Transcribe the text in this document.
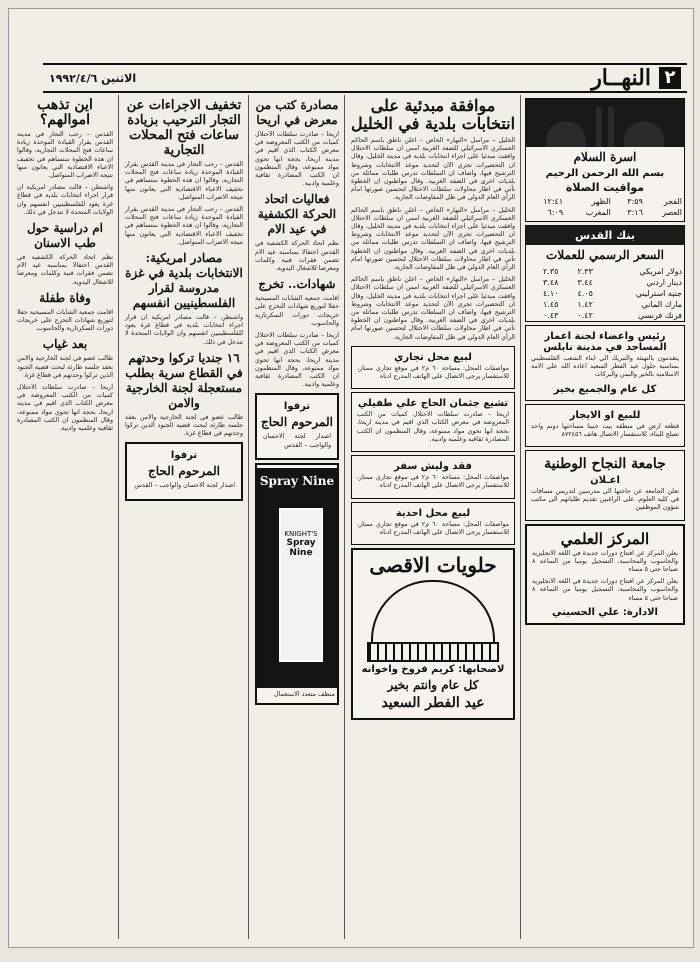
٢
النهــار
الاثنين ١٩٩٢/٤/٦
اسرة السلام
بسم الله الرحمن الرحيم
مواقيت الصلاة
الفجر	٣:٥٩	الظهر	١٢:٤١
العصر	٣:١٦	المغرب	٦:٠٩
بنك القدس
السعر الرسمي للعملات
دولار امريكي	٢.٣٣	٢.٣٥
دينار اردني	٣.٤٤	٣.٤٨
جنيه استرليني	٤.٠٥	٤.١٠
مارك الماني	١.٤٢	١.٤٥
فرنك فرنسي	٠.٤٢	٠.٤٣
رئيس واعضاء لجنة اعمار المساجد في مدينة نابلس
يتقدمون بالتهنئة والتبريك الى ابناء الشعب الفلسطيني بمناسبة حلول عيد الفطر السعيد اعاده الله على الامة الاسلامية بالخير واليمن والبركات
كل عام والجميع بخير
للبيع او الايجار
قطعة ارض في منطقة بيت حنينا مساحتها دونم واحد تصلح للبناء، للاستفسار الاتصال هاتف ٨٧٢٤٥٦
جامعة النجاح الوطنية
اعـلان
تعلن الجامعة عن حاجتها الى مدرسين لتدريس مساقات في كلية العلوم، على الراغبين تقديم طلباتهم الى مكتب شؤون الموظفين
المركز العلمي
يعلن المركز عن افتتاح دورات جديدة في اللغة الانجليزية والحاسوب والمحاسبة، التسجيل يوميا من الساعة ٨ صباحا حتى ٥ مساء
يعلن المركز عن افتتاح دورات جديدة في اللغة الانجليزية والحاسوب والمحاسبة، التسجيل يوميا من الساعة ٨ صباحا حتى ٥ مساء
الادارة: علي الحسيني
موافقة مبدئية على انتخابات بلدية في الخليل
الخليل – مراسل «النهار» الخاص – اعلن ناطق باسم الحاكم العسكري الاسرائيلي للضفة الغربية امس ان سلطات الاحتلال وافقت مبدئيا على اجراء انتخابات بلدية في مدينة الخليل، وقال ان التحضيرات تجري الآن لتحديد موعد الانتخابات وشروط الترشيح فيها، واضاف ان السلطات تدرس طلبات مماثلة من بلديات اخرى في الضفة الغربية. وقال مواطنون ان الخطوة تأتي في اطار محاولات سلطات الاحتلال لتحسين صورتها امام الرأي العام الدولي في ظل المفاوضات الجارية.
الخليل – مراسل «النهار» الخاص – اعلن ناطق باسم الحاكم العسكري الاسرائيلي للضفة الغربية امس ان سلطات الاحتلال وافقت مبدئيا على اجراء انتخابات بلدية في مدينة الخليل، وقال ان التحضيرات تجري الآن لتحديد موعد الانتخابات وشروط الترشيح فيها، واضاف ان السلطات تدرس طلبات مماثلة من بلديات اخرى في الضفة الغربية. وقال مواطنون ان الخطوة تأتي في اطار محاولات سلطات الاحتلال لتحسين صورتها امام الرأي العام الدولي في ظل المفاوضات الجارية.
الخليل – مراسل «النهار» الخاص – اعلن ناطق باسم الحاكم العسكري الاسرائيلي للضفة الغربية امس ان سلطات الاحتلال وافقت مبدئيا على اجراء انتخابات بلدية في مدينة الخليل، وقال ان التحضيرات تجري الآن لتحديد موعد الانتخابات وشروط الترشيح فيها، واضاف ان السلطات تدرس طلبات مماثلة من بلديات اخرى في الضفة الغربية. وقال مواطنون ان الخطوة تأتي في اطار محاولات سلطات الاحتلال لتحسين صورتها امام الرأي العام الدولي في ظل المفاوضات الجارية.
لبيع محل تجاري
مواصفات المحل: مساحة ٦٠ م٢ في موقع تجاري ممتاز، للاستفسار يرجى الاتصال على الهاتف المدرج ادناه
تشيع جثمان الحاج علي طفيلي
اريحا – صادرت سلطات الاحتلال كميات من الكتب المعروضة في معرض الكتاب الذي اقيم في مدينة اريحا، بحجة انها تحوي مواد ممنوعة، وقال المنظمون ان الكتب المصادرة ثقافية وعلمية وادبية.
فقد وليش سفر
مواصفات المحل: مساحة ٦٠ م٢ في موقع تجاري ممتاز، للاستفسار يرجى الاتصال على الهاتف المدرج ادناه
لبيع محل احذية
مواصفات المحل: مساحة ٦٠ م٢ في موقع تجاري ممتاز، للاستفسار يرجى الاتصال على الهاتف المدرج ادناه
حلويات الاقصى
لاصحابها: كريم فروخ واخوانه
كل عام وانتم بخير
عيد الفطر السعيد
مصادرة كتب من معرض في اريحا
اريحا – صادرت سلطات الاحتلال كميات من الكتب المعروضة في معرض الكتاب الذي اقيم في مدينة اريحا، بحجة انها تحوي مواد ممنوعة، وقال المنظمون ان الكتب المصادرة ثقافية وعلمية وادبية.
فعاليات اتحاد الحركة الكشفية في عيد الام
نظم اتحاد الحركة الكشفية في القدس احتفالا بمناسبة عيد الام تضمن فقرات فنية وكلمات ومعرضا للاشغال اليدوية.
شهادات.. تخرج
اقامت جمعية الشابات المسيحية حفلا لتوزيع شهادات التخرج على خريجات دورات السكرتارية والحاسوب.
اريحا – صادرت سلطات الاحتلال كميات من الكتب المعروضة في معرض الكتاب الذي اقيم في مدينة اريحا، بحجة انها تحوي مواد ممنوعة، وقال المنظمون ان الكتب المصادرة ثقافية وعلمية وادبية.
ترفوا
المرحوم الحاج
اصدار لجنة الاحسان والواجب – القدس
Spray Nine
KNIGHT'S
Spray Nine
منظف متعدد الاستعمال
تخفيف الاجراءات عن التجار الترحيب بزيادة ساعات فتح المحلات التجارية
القدس – رحب التجار في مدينة القدس بقرار القيادة الموحدة زيادة ساعات فتح المحلات التجارية، وقالوا ان هذه الخطوة ستساهم في تخفيف الاعباء الاقتصادية التي يعانون منها نتيجة الاضراب المتواصل.
القدس – رحب التجار في مدينة القدس بقرار القيادة الموحدة زيادة ساعات فتح المحلات التجارية، وقالوا ان هذه الخطوة ستساهم في تخفيف الاعباء الاقتصادية التي يعانون منها نتيجة الاضراب المتواصل.
مصادر امريكية: الانتخابات بلدية في غزة مدروسة لقرار الفلسطينيين انفسهم
واشنطن – قالت مصادر امريكية ان قرار اجراء انتخابات بلدية في قطاع غزة يعود للفلسطينيين انفسهم وان الولايات المتحدة لا تتدخل في ذلك.
١٦ جنديا تركوا وحدتهم في القطاع سرية بطلب مستعجلة لجنة الخارجية والامن
طالب عضو في لجنة الخارجية والامن بعقد جلسة طارئة لبحث قضية الجنود الذين تركوا وحدتهم في قطاع غزة.
ترفوا
المرحوم الحاج
اصدار لجنة الاحسان والواجب – القدس
اين تذهب اموالهم؟
القدس – رحب التجار في مدينة القدس بقرار القيادة الموحدة زيادة ساعات فتح المحلات التجارية، وقالوا ان هذه الخطوة ستساهم في تخفيف الاعباء الاقتصادية التي يعانون منها نتيجة الاضراب المتواصل.
واشنطن – قالت مصادر امريكية ان قرار اجراء انتخابات بلدية في قطاع غزة يعود للفلسطينيين انفسهم وان الولايات المتحدة لا تتدخل في ذلك.
ام دراسية حول طب الاسنان
نظم اتحاد الحركة الكشفية في القدس احتفالا بمناسبة عيد الام تضمن فقرات فنية وكلمات ومعرضا للاشغال اليدوية.
وفاة طفلة
اقامت جمعية الشابات المسيحية حفلا لتوزيع شهادات التخرج على خريجات دورات السكرتارية والحاسوب.
بعد غياب
طالب عضو في لجنة الخارجية والامن بعقد جلسة طارئة لبحث قضية الجنود الذين تركوا وحدتهم في قطاع غزة.
اريحا – صادرت سلطات الاحتلال كميات من الكتب المعروضة في معرض الكتاب الذي اقيم في مدينة اريحا، بحجة انها تحوي مواد ممنوعة، وقال المنظمون ان الكتب المصادرة ثقافية وعلمية وادبية.
